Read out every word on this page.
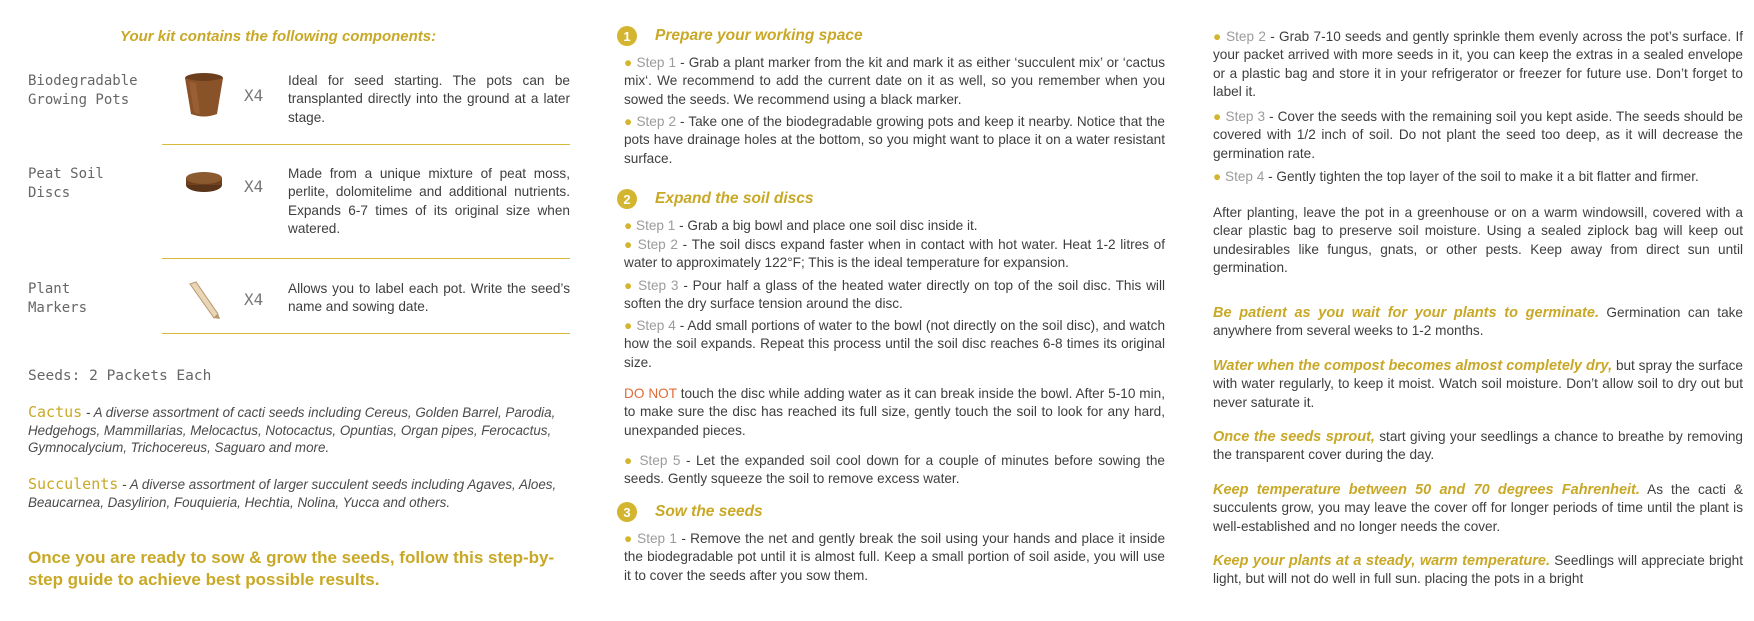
Your kit contains the following components:
Biodegradable
Growing Pots	X4
Ideal for seed starting. The pots can be transplanted directly into the ground at a later stage.
Peat Soil
Discs	X4
Made from a unique mixture of peat moss, perlite, dolomitelime and additional nutrients. Expands 6-7 times of its original size when watered.
Plant
Markers	X4
Allows you to label each pot. Write the seed’s name and sowing date.
Seeds: 2 Packets Each
Cactus - A diverse assortment of cacti seeds including Cereus, Golden Barrel, Parodia, Hedgehogs, Mammillarias, Melocactus, Notocactus, Opuntias, Organ pipes, Ferocactus, Gymnocalycium, Trichocereus, Saguaro and more.
Succulents - A diverse assortment of larger succulent seeds including Agaves, Aloes, Beaucarnea, Dasylirion, Fouquieria, Hechtia, Nolina, Yucca and others.
Once you are ready to sow & grow the seeds, follow this step-by-step guide to achieve best possible results.
1	Prepare your working space
● Step 1 - Grab a plant marker from the kit and mark it as either ‘succulent mix’ or ‘cactus mix‘. We recommend to add the current date on it as well, so you remember when you sowed the seeds. We recommend using a black marker.
● Step 2 - Take one of the biodegradable growing pots and keep it nearby. Notice that the pots have drainage holes at the bottom, so you might want to place it on a water resistant surface.
2	Expand the soil discs
● Step 1 - Grab a big bowl and place one soil disc inside it.
● Step 2 - The soil discs expand faster when in contact with hot water. Heat 1-2 litres of water to approximately 122°F; This is the ideal temperature for expansion.
● Step 3 - Pour half a glass of the heated water directly on top of the soil disc. This will soften the dry surface tension around the disc.
● Step 4 - Add small portions of water to the bowl (not directly on the soil disc), and watch how the soil expands. Repeat this process until the soil disc reaches 6-8 times its original size.
DO NOT touch the disc while adding water as it can break inside the bowl. After 5-10 min, to make sure the disc has reached its full size, gently touch the soil to look for any hard, unexpanded pieces.
● Step 5 - Let the expanded soil cool down for a couple of minutes before sowing the seeds. Gently squeeze the soil to remove excess water.
3	Sow the seeds
● Step 1 - Remove the net and gently break the soil using your hands and place it inside the biodegradable pot until it is almost full. Keep a small portion of soil aside, you will use it to cover the seeds after you sow them.
● Step 2 - Grab 7-10 seeds and gently sprinkle them evenly across the pot’s surface. If your packet arrived with more seeds in it, you can keep the extras in a sealed envelope or a plastic bag and store it in your refrigerator or freezer for future use. Don’t forget to label it.
● Step 3 - Cover the seeds with the remaining soil you kept aside. The seeds should be covered with 1/2 inch of soil. Do not plant the seed too deep, as it will decrease the germination rate.
● Step 4 - Gently tighten the top layer of the soil to make it a bit flatter and firmer.
After planting, leave the pot in a greenhouse or on a warm windowsill, covered with a clear plastic bag to preserve soil moisture. Using a sealed ziplock bag will keep out undesirables like fungus, gnats, or other pests. Keep away from direct sun until germination.
Be patient as you wait for your plants to germinate. Germination can take anywhere from several weeks to 1-2 months.
Water when the compost becomes almost completely dry, but spray the surface with water regularly, to keep it moist. Watch soil moisture. Don’t allow soil to dry out but never saturate it.
Once the seeds sprout, start giving your seedlings a chance to breathe by removing the transparent cover during the day.
Keep temperature between 50 and 70 degrees Fahrenheit. As the cacti & succulents grow, you may leave the cover off for longer periods of time until the plant is well-established and no longer needs the cover.
Keep your plants at a steady, warm temperature. Seedlings will appreciate bright light, but will not do well in full sun. placing the pots in a bright
